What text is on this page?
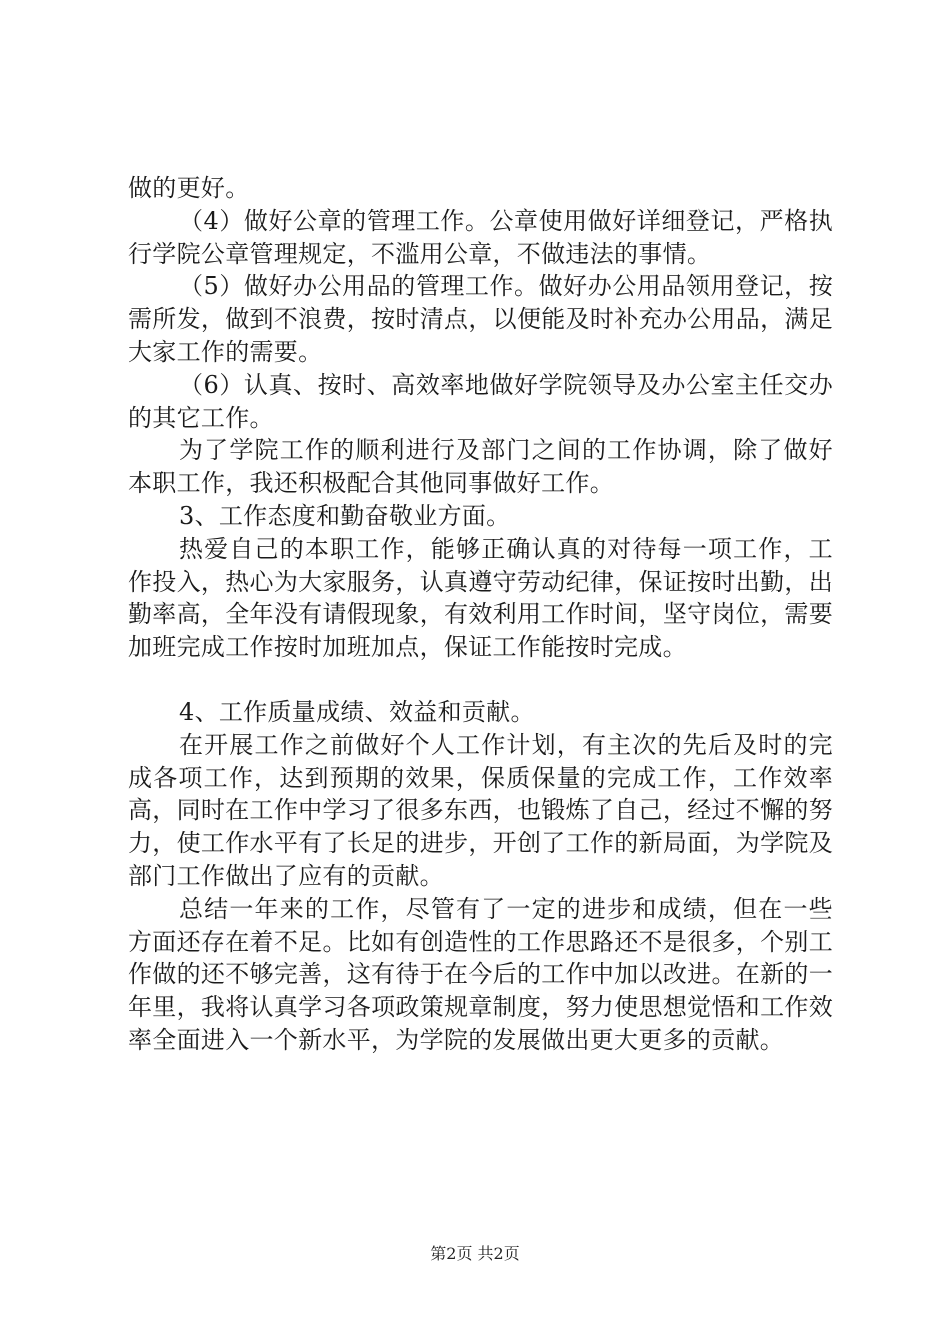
做的更好。

（4）做好公章的管理工作。公章使用做好详细登记，严格执行学院公章管理规定，不滥用公章，不做违法的事情。

（5）做好办公用品的管理工作。做好办公用品领用登记，按需所发，做到不浪费，按时清点，以便能及时补充办公用品，满足大家工作的需要。

（6）认真、按时、高效率地做好学院领导及办公室主任交办的其它工作。

为了学院工作的顺利进行及部门之间的工作协调，除了做好本职工作，我还积极配合其他同事做好工作。

3、工作态度和勤奋敬业方面。

热爱自己的本职工作，能够正确认真的对待每一项工作，工作投入，热心为大家服务，认真遵守劳动纪律，保证按时出勤，出勤率高，全年没有请假现象，有效利用工作时间，坚守岗位，需要加班完成工作按时加班加点，保证工作能按时完成。

4、工作质量成绩、效益和贡献。

在开展工作之前做好个人工作计划，有主次的先后及时的完成各项工作，达到预期的效果，保质保量的完成工作，工作效率高，同时在工作中学习了很多东西，也锻炼了自己，经过不懈的努力，使工作水平有了长足的进步，开创了工作的新局面，为学院及部门工作做出了应有的贡献。

总结一年来的工作，尽管有了一定的进步和成绩，但在一些方面还存在着不足。比如有创造性的工作思路还不是很多，个别工作做的还不够完善，这有待于在今后的工作中加以改进。在新的一年里，我将认真学习各项政策规章制度，努力使思想觉悟和工作效率全面进入一个新水平，为学院的发展做出更大更多的贡献。

第2页 共2页
